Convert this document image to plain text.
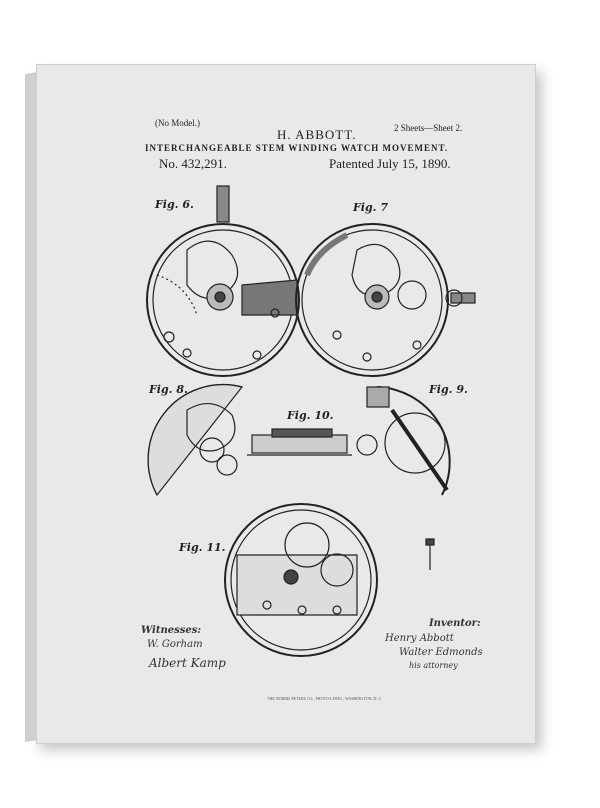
(No Model.)	2 Sheets—Sheet 2.
H. ABBOTT.
INTERCHANGEABLE STEM WINDING WATCH MOVEMENT.
No. 432,291.	Patented July 15, 1890.
Fig. 6.	Fig. 7
Fig. 8.	Fig. 9.
Fig. 10.
Fig. 11.
Witnesses:
W. Gorham
Albert Kamp
Inventor:
Henry Abbott
Walter Edmonds
his attorney
THE NORRIS PETERS CO., PHOTO-LITHO., WASHINGTON, D. C.
